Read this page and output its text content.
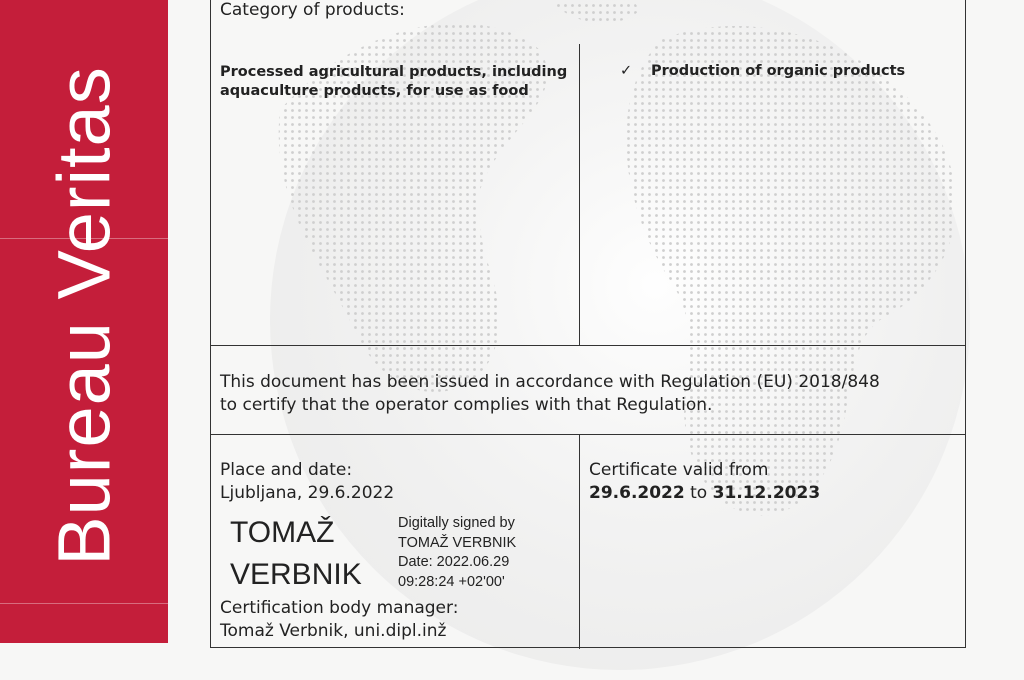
Bureau Veritas
Category of products:
Processed agricultural products, including aquaculture products, for use as food
✓ Production of organic products
This document has been issued in accordance with Regulation (EU) 2018/848
to certify that the operator complies with that Regulation.
Place and date:
Ljubljana, 29.6.2022
TOMAŽ
VERBNIK
Digitally signed by
TOMAŽ VERBNIK
Date: 2022.06.29
09:28:24 +02'00'
Certification body manager:
Tomaž Verbnik, uni.dipl.inž
Certificate valid from
29.6.2022 to 31.12.2023
